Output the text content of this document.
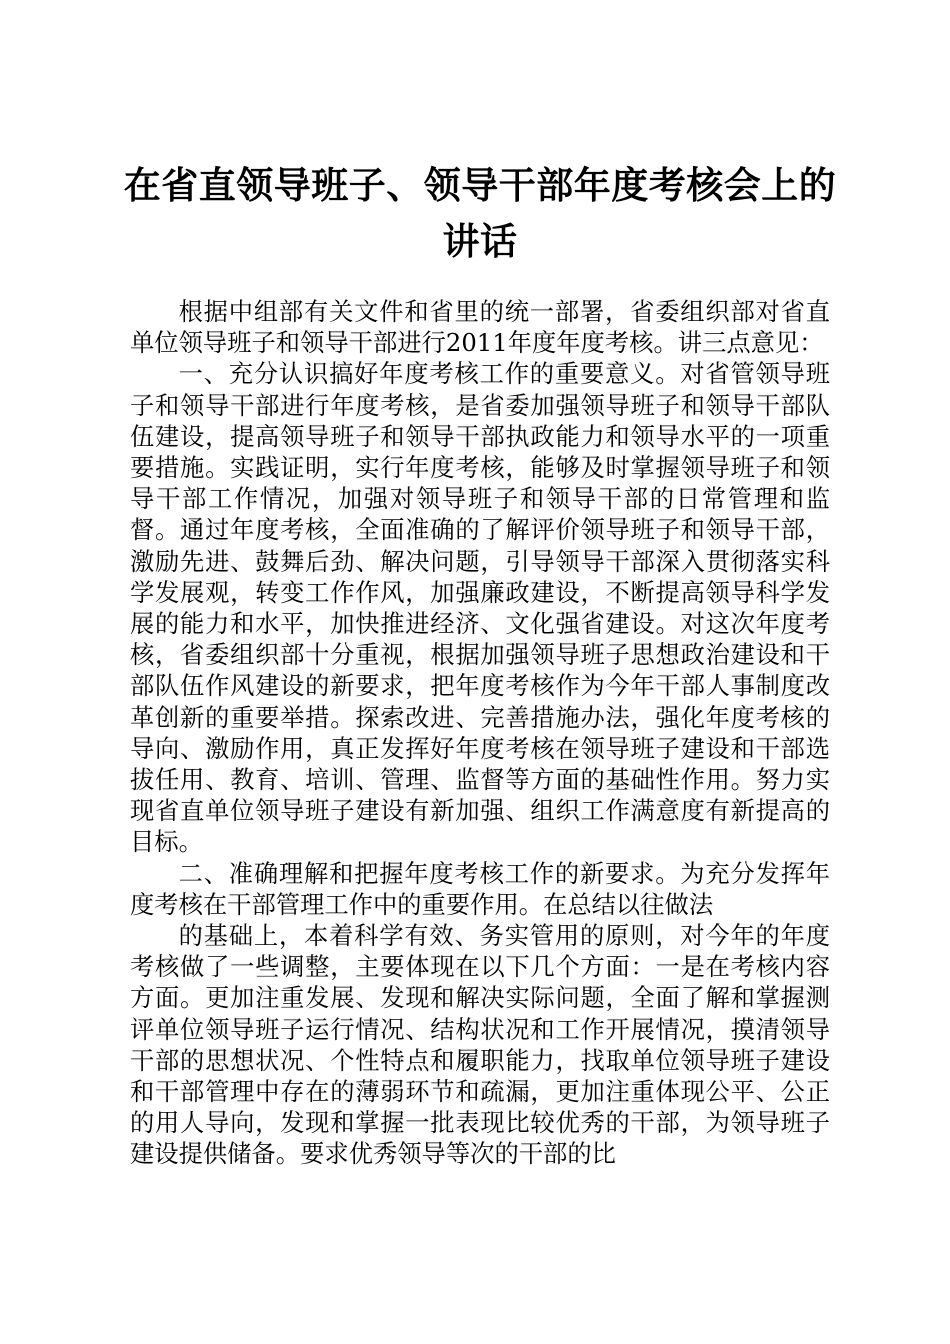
在省直领导班子、领导干部年度考核会上的讲话

根据中组部有关文件和省里的统一部署，省委组织部对省直单位领导班子和领导干部进行2011年度年度考核。讲三点意见：

一、充分认识搞好年度考核工作的重要意义。对省管领导班子和领导干部进行年度考核，是省委加强领导班子和领导干部队伍建设，提高领导班子和领导干部执政能力和领导水平的一项重要措施。实践证明，实行年度考核，能够及时掌握领导班子和领导干部工作情况，加强对领导班子和领导干部的日常管理和监督。通过年度考核，全面准确的了解评价领导班子和领导干部，激励先进、鼓舞后劲、解决问题，引导领导干部深入贯彻落实科学发展观，转变工作作风，加强廉政建设，不断提高领导科学发展的能力和水平，加快推进经济、文化强省建设。对这次年度考核，省委组织部十分重视，根据加强领导班子思想政治建设和干部队伍作风建设的新要求，把年度考核作为今年干部人事制度改革创新的重要举措。探索改进、完善措施办法，强化年度考核的导向、激励作用，真正发挥好年度考核在领导班子建设和干部选拔任用、教育、培训、管理、监督等方面的基础性作用。努力实现省直单位领导班子建设有新加强、组织工作满意度有新提高的目标。

二、准确理解和把握年度考核工作的新要求。为充分发挥年度考核在干部管理工作中的重要作用。在总结以往做法

的基础上，本着科学有效、务实管用的原则，对今年的年度考核做了一些调整，主要体现在以下几个方面：一是在考核内容方面。更加注重发展、发现和解决实际问题，全面了解和掌握测评单位领导班子运行情况、结构状况和工作开展情况，摸清领导干部的思想状况、个性特点和履职能力，找取单位领导班子建设和干部管理中存在的薄弱环节和疏漏，更加注重体现公平、公正的用人导向，发现和掌握一批表现比较优秀的干部，为领导班子建设提供储备。要求优秀领导等次的干部的比
